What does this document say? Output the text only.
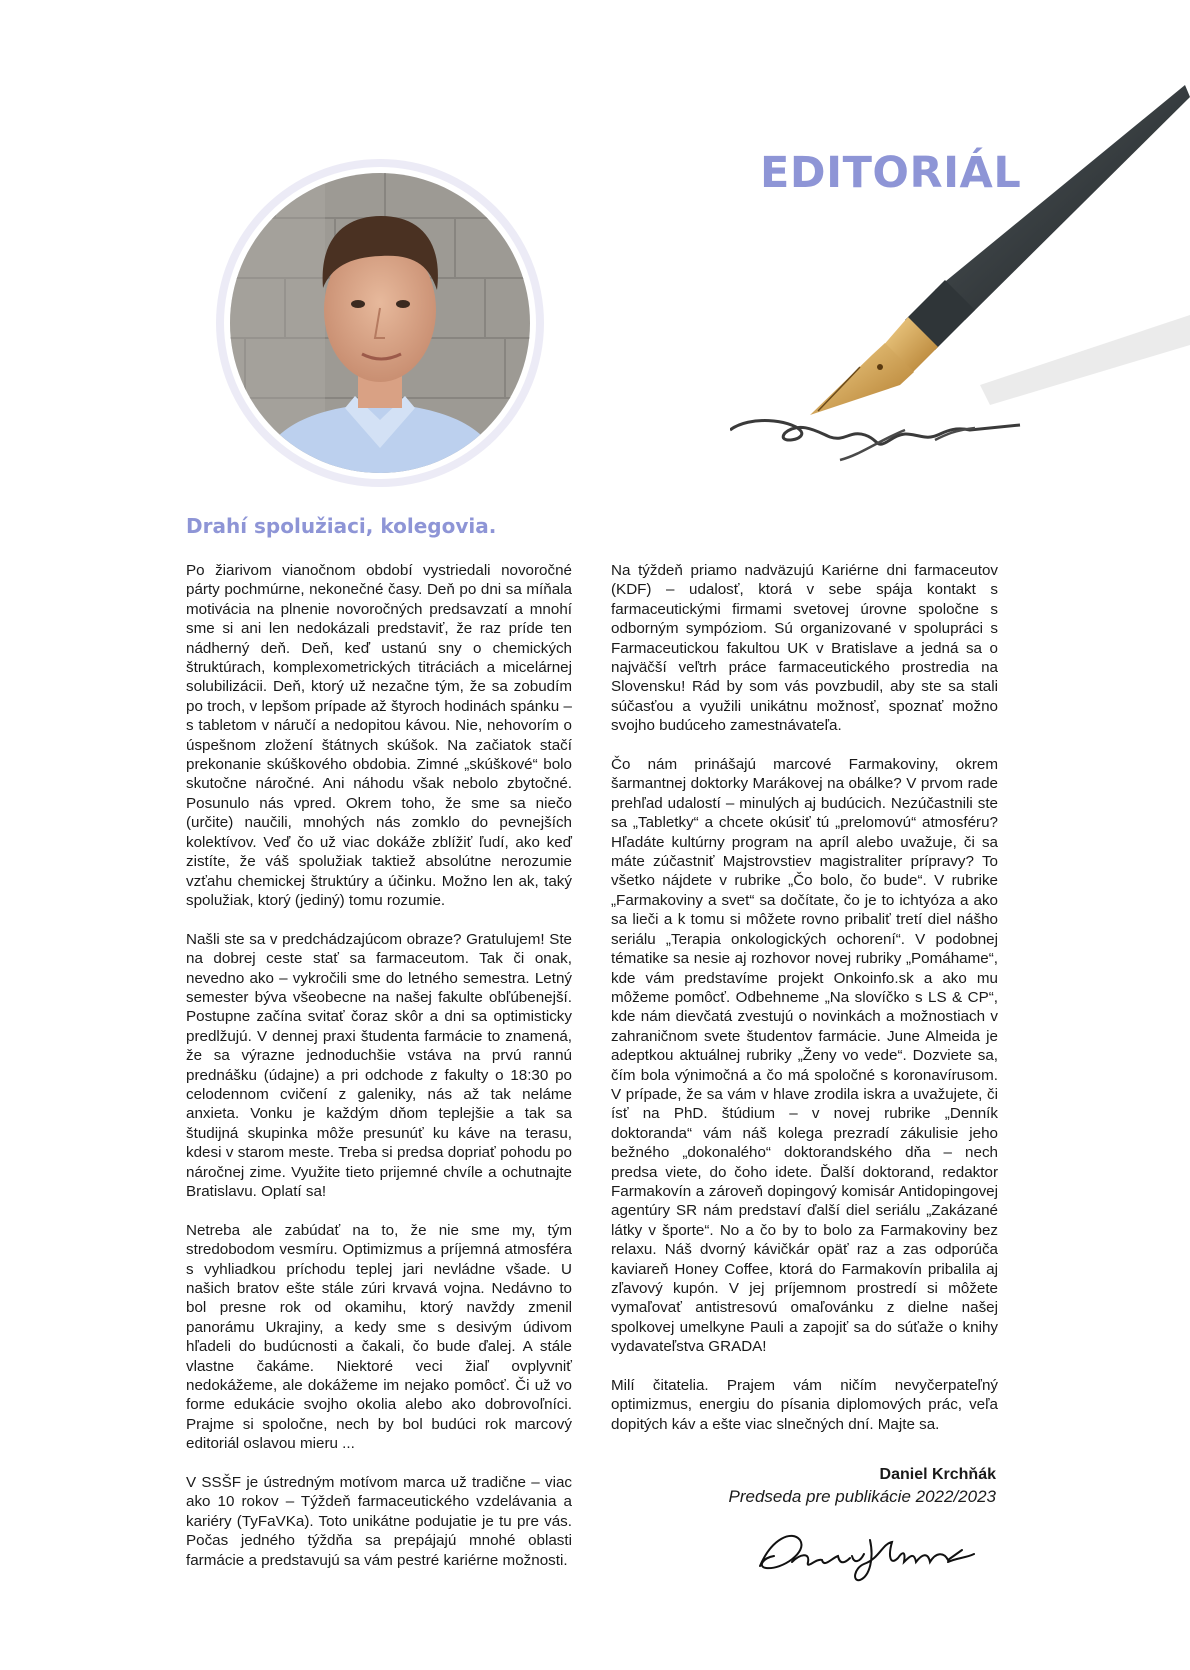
EDITORIÁL
Drahí spolužiaci, kolegovia.

Po žiarivom vianočnom období vystriedali novoročné párty pochmúrne, nekonečné časy. Deň po dni sa míňala motivácia na plnenie novoročných predsavzatí a mnohí sme si ani len nedokázali predstaviť, že raz príde ten nádherný deň. Deň, keď ustanú sny o chemických štruktúrach, komplexometrických titráciách a micelárnej solubilizácii. Deň, ktorý už nezačne tým, že sa zobudím po troch, v lepšom prípade až štyroch hodinách spánku – s tabletom v náručí a nedopitou kávou. Nie, nehovorím o úspešnom zložení štátnych skúšok. Na začiatok stačí prekonanie skúškového obdobia. Zimné „skúškové“ bolo skutočne náročné. Ani náhodu však nebolo zbytočné. Posunulo nás vpred. Okrem toho, že sme sa niečo (určite) naučili, mnohých nás zomklo do pevnejších kolektívov. Veď čo už viac dokáže zblížiť ľudí, ako keď zistíte, že váš spolužiak taktiež absolútne nerozumie vzťahu chemickej štruktúry a účinku. Možno len ak, taký spolužiak, ktorý (jediný) tomu rozumie.

Našli ste sa v predchádzajúcom obraze? Gratulujem! Ste na dobrej ceste stať sa farmaceutom. Tak či onak, nevedno ako – vykročili sme do letného semestra. Letný semester býva všeobecne na našej fakulte obľúbenejší. Postupne začína svitať čoraz skôr a dni sa optimisticky predlžujú. V dennej praxi študenta farmácie to znamená, že sa výrazne jednoduchšie vstáva na prvú rannú prednášku (údajne) a pri odchode z fakulty o 18:30 po celodennom cvičení z galeniky, nás až tak neláme anxieta. Vonku je každým dňom teplejšie a tak sa študijná skupinka môže presunúť ku káve na terasu, kdesi v starom meste. Treba si predsa dopriať pohodu po náročnej zime. Využite tieto prijemné chvíle a ochutnajte Bratislavu. Oplatí sa!

Netreba ale zabúdať na to, že nie sme my, tým stredobodom vesmíru. Optimizmus a príjemná atmosféra s vyhliadkou príchodu teplej jari nevládne všade. U našich bratov ešte stále zúri krvavá vojna. Nedávno to bol presne rok od okamihu, ktorý navždy zmenil panorámu Ukrajiny, a kedy sme s desivým údivom hľadeli do budúcnosti a čakali, čo bude ďalej. A stále vlastne čakáme. Niektoré veci žiaľ ovplyvniť nedokážeme, ale dokážeme im nejako pomôcť. Či už vo forme edukácie svojho okolia alebo ako dobrovoľníci. Prajme si spoločne, nech by bol budúci rok marcový editoriál oslavou mieru ...

V SSŠF je ústredným motívom marca už tradične – viac ako 10 rokov – Týždeň farmaceutického vzdelávania a kariéry (TyFaVKa). Toto unikátne podujatie je tu pre vás. Počas jedného týždňa sa prepájajú mnohé oblasti farmácie a predstavujú sa vám pestré kariérne možnosti.

Na týždeň priamo nadväzujú Kariérne dni farmaceutov (KDF) – udalosť, ktorá v sebe spája kontakt s farmaceutickými firmami svetovej úrovne spoločne s odborným sympóziom. Sú organizované v spolupráci s Farmaceutickou fakultou UK v Bratislave a jedná sa o najväčší veľtrh práce farmaceutického prostredia na Slovensku! Rád by som vás povzbudil, aby ste sa stali súčasťou a využili unikátnu možnosť, spoznať možno svojho budúceho zamestnávateľa.

Čo nám prinášajú marcové Farmakoviny, okrem šarmantnej doktorky Marákovej na obálke? V prvom rade prehľad udalostí – minulých aj budúcich. Nezúčastnili ste sa „Tabletky“ a chcete okúsiť tú „prelomovú“ atmosféru? Hľadáte kultúrny program na apríl alebo uvažuje, či sa máte zúčastniť Majstrovstiev magistraliter prípravy? To všetko nájdete v rubrike „Čo bolo, čo bude“. V rubrike „Farmakoviny a svet“ sa dočítate, čo je to ichtyóza a ako sa lieči a k tomu si môžete rovno pribaliť tretí diel nášho seriálu „Terapia onkologických ochorení“. V podobnej tématike sa nesie aj rozhovor novej rubriky „Pomáhame“, kde vám predstavíme projekt Onkoinfo.sk a ako mu môžeme pomôcť. Odbehneme „Na slovíčko s LS & CP“, kde nám dievčatá zvestujú o novinkách a možnostiach v zahraničnom svete študentov farmácie. June Almeida je adeptkou aktuálnej rubriky „Ženy vo vede“. Dozviete sa, čím bola výnimočná a čo má spoločné s koronavírusom. V prípade, že sa vám v hlave zrodila iskra a uvažujete, či ísť na PhD. štúdium – v novej rubrike „Denník doktoranda“ vám náš kolega prezradí zákulisie jeho bežného „dokonalého“ doktorandského dňa – nech predsa viete, do čoho idete. Ďalší doktorand, redaktor Farmakovín a zároveň dopingový komisár Antidopingovej agentúry SR nám predstaví ďalší diel seriálu „Zakázané látky v športe“. No a čo by to bolo za Farmakoviny bez relaxu. Náš dvorný kávičkár opäť raz a zas odporúča kaviareň Honey Coffee, ktorá do Farmakovín pribalila aj zľavový kupón. V jej príjemnom prostredí si môžete vymaľovať antistresovú omaľovánku z dielne našej spolkovej umelkyne Pauli a zapojiť sa do súťaže o knihy vydavateľstva GRADA!

Milí čitatelia. Prajem vám ničím nevyčerpateľný optimizmus, energiu do písania diplomových prác, veľa dopitých káv a ešte viac slnečných dní. Majte sa.

Daniel Krchňák
Predseda pre publikácie 2022/2023
